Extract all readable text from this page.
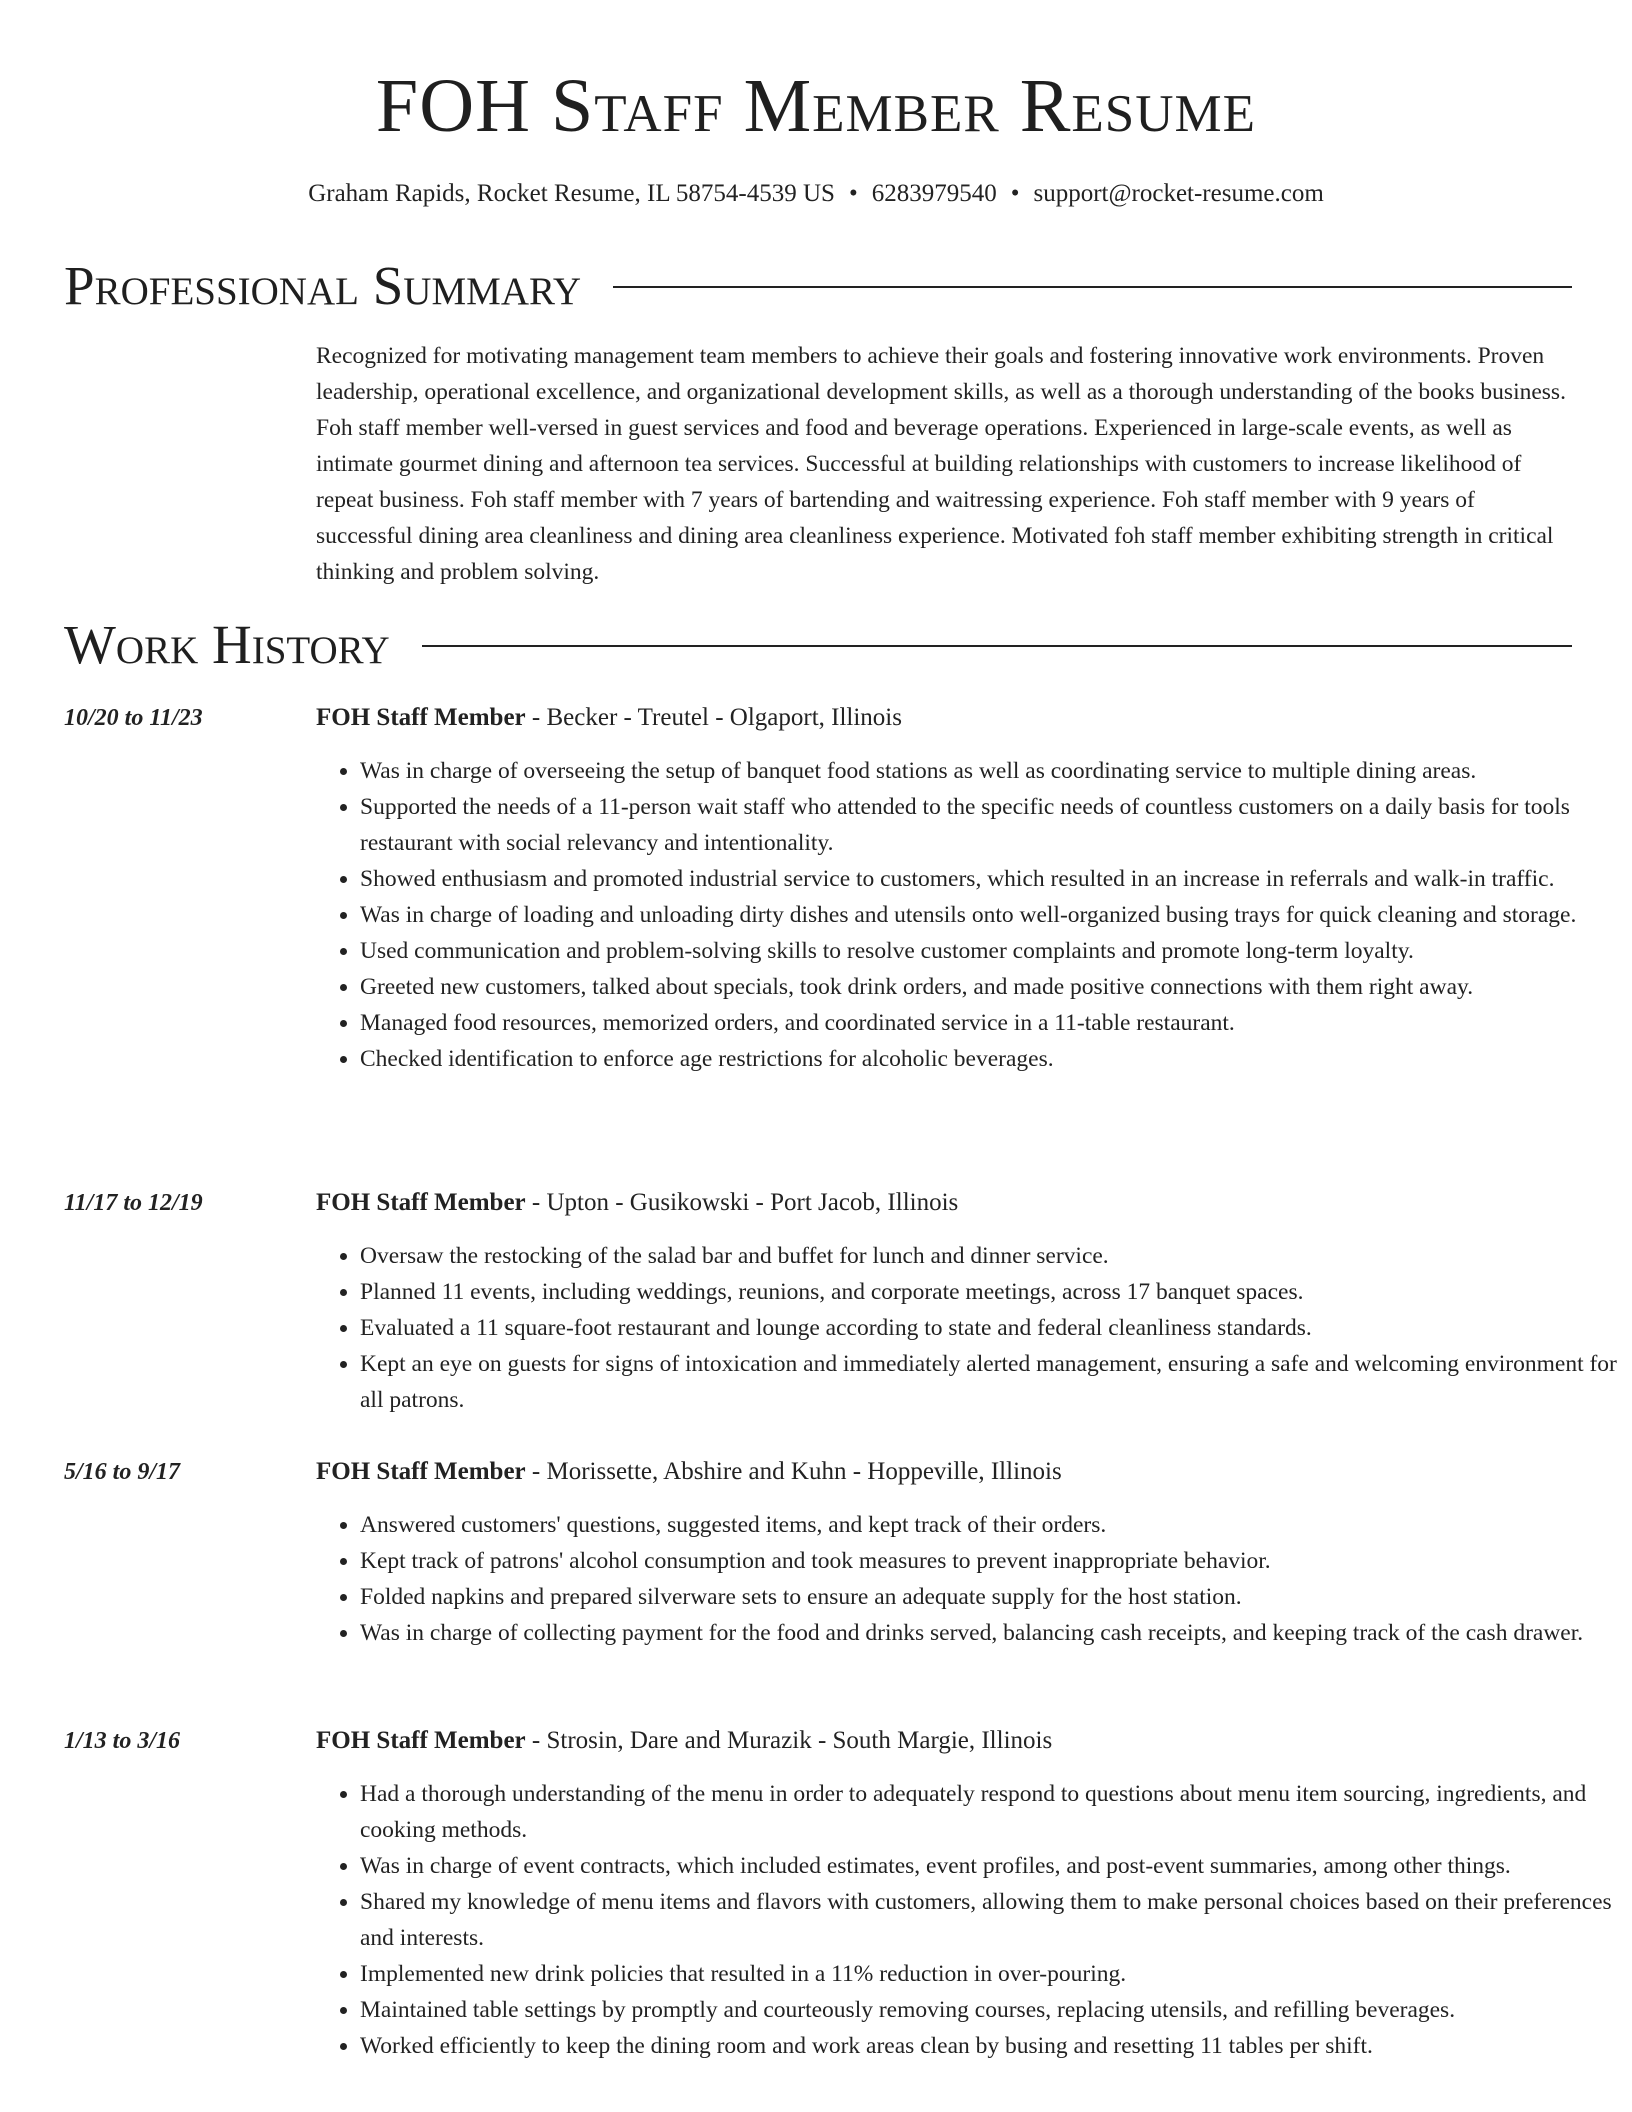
FOH Staff Member Resume
Graham Rapids, Rocket Resume, IL 58754-4539 US • 6283979540 • support@rocket-resume.com
Professional Summary

Recognized for motivating management team members to achieve their goals and fostering innovative work environments. Proven leadership, operational excellence, and organizational development skills, as well as a thorough understanding of the books business. Foh staff member well-versed in guest services and food and beverage operations. Experienced in large-scale events, as well as intimate gourmet dining and afternoon tea services. Successful at building relationships with customers to increase likelihood of repeat business. Foh staff member with 7 years of bartending and waitressing experience. Foh staff member with 9 years of successful dining area cleanliness and dining area cleanliness experience. Motivated foh staff member exhibiting strength in critical thinking and problem solving.

Work History
10/20 to 11/23	FOH Staff Member - Becker - Treutel - Olgaport, Illinois
• Was in charge of overseeing the setup of banquet food stations as well as coordinating service to multiple dining areas.
• Supported the needs of a 11-person wait staff who attended to the specific needs of countless customers on a daily basis for tools restaurant with social relevancy and intentionality.
• Showed enthusiasm and promoted industrial service to customers, which resulted in an increase in referrals and walk-in traffic.
• Was in charge of loading and unloading dirty dishes and utensils onto well-organized busing trays for quick cleaning and storage.
• Used communication and problem-solving skills to resolve customer complaints and promote long-term loyalty.
• Greeted new customers, talked about specials, took drink orders, and made positive connections with them right away.
• Managed food resources, memorized orders, and coordinated service in a 11-table restaurant.
• Checked identification to enforce age restrictions for alcoholic beverages.
11/17 to 12/19	FOH Staff Member - Upton - Gusikowski - Port Jacob, Illinois
• Oversaw the restocking of the salad bar and buffet for lunch and dinner service.
• Planned 11 events, including weddings, reunions, and corporate meetings, across 17 banquet spaces.
• Evaluated a 11 square-foot restaurant and lounge according to state and federal cleanliness standards.
• Kept an eye on guests for signs of intoxication and immediately alerted management, ensuring a safe and welcoming environment for all patrons.
5/16 to 9/17	FOH Staff Member - Morissette, Abshire and Kuhn - Hoppeville, Illinois
• Answered customers' questions, suggested items, and kept track of their orders.
• Kept track of patrons' alcohol consumption and took measures to prevent inappropriate behavior.
• Folded napkins and prepared silverware sets to ensure an adequate supply for the host station.
• Was in charge of collecting payment for the food and drinks served, balancing cash receipts, and keeping track of the cash drawer.
1/13 to 3/16	FOH Staff Member - Strosin, Dare and Murazik - South Margie, Illinois
• Had a thorough understanding of the menu in order to adequately respond to questions about menu item sourcing, ingredients, and cooking methods.
• Was in charge of event contracts, which included estimates, event profiles, and post-event summaries, among other things.
• Shared my knowledge of menu items and flavors with customers, allowing them to make personal choices based on their preferences and interests.
• Implemented new drink policies that resulted in a 11% reduction in over-pouring.
• Maintained table settings by promptly and courteously removing courses, replacing utensils, and refilling beverages.
• Worked efficiently to keep the dining room and work areas clean by busing and resetting 11 tables per shift.
